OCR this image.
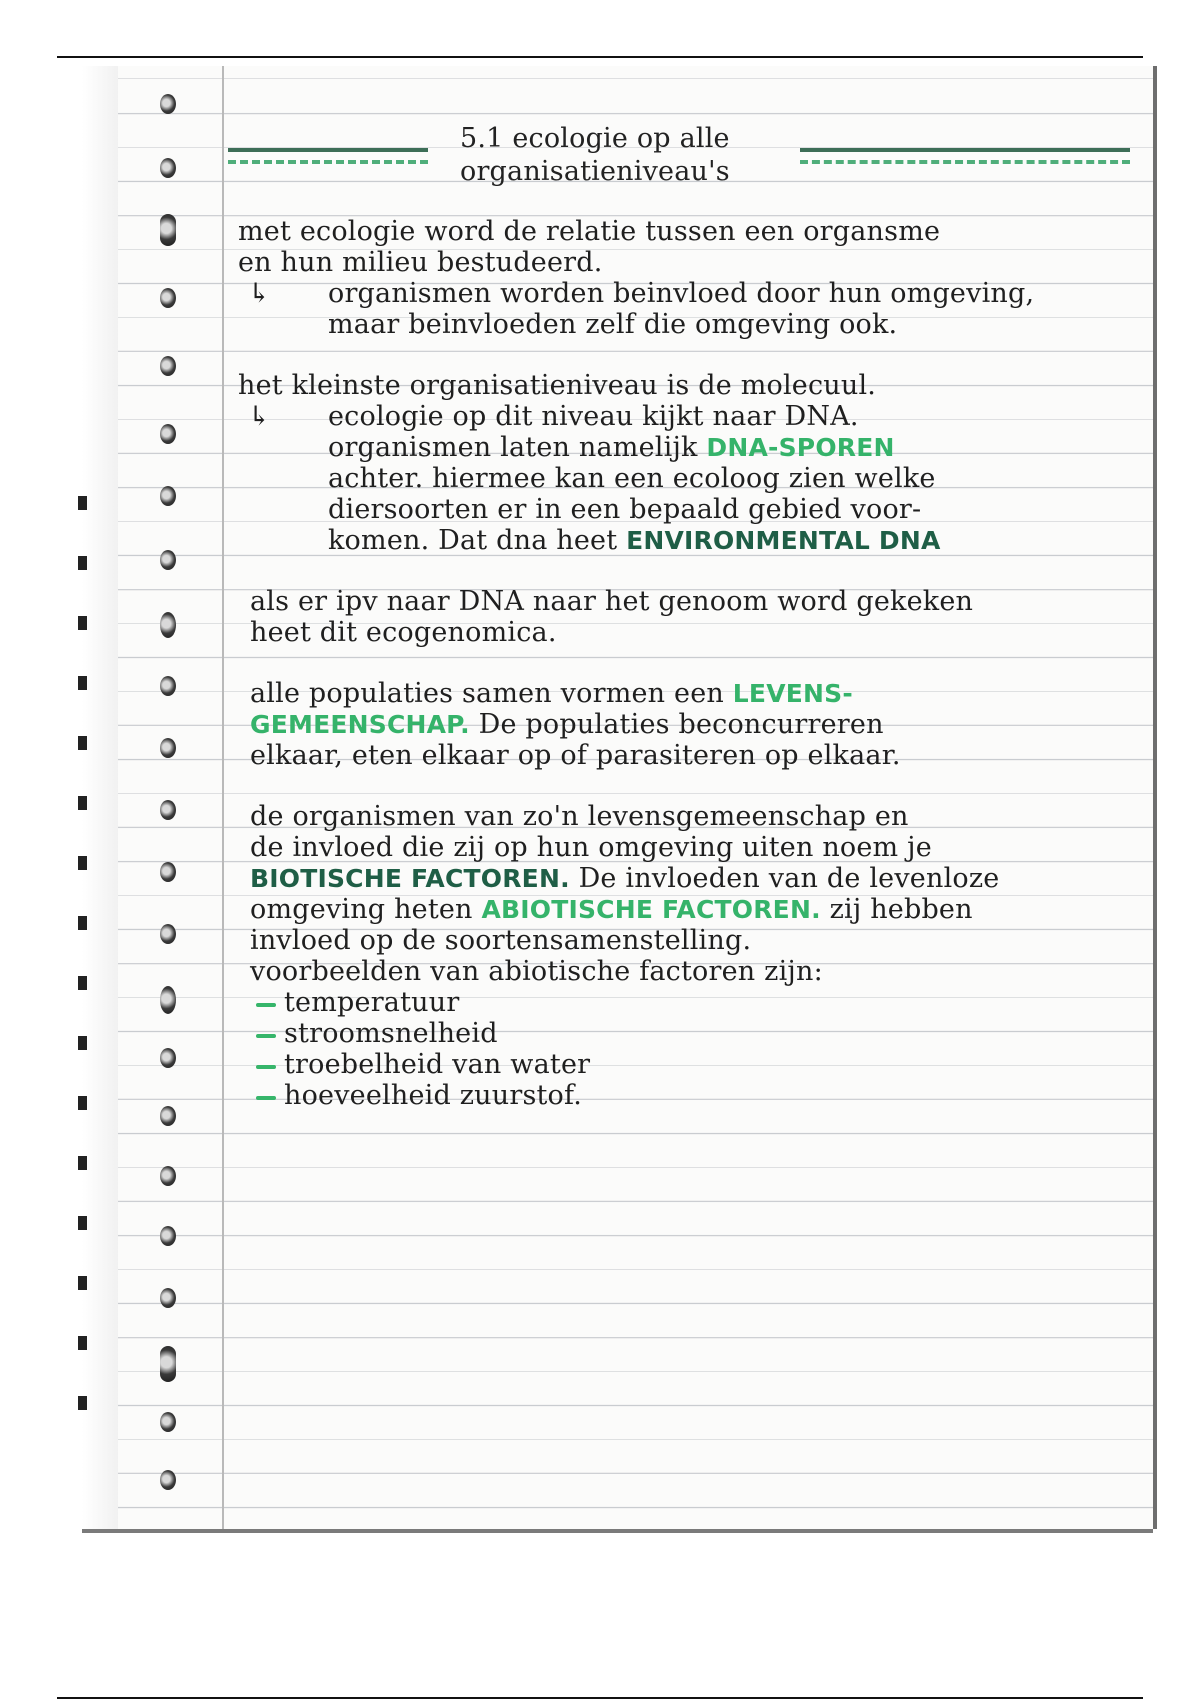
5.1 ecologie op alle
organisatieniveau's
met ecologie word de relatie tussen een organsme
en hun milieu bestudeerd.
↳ organismen worden beinvloed door hun omgeving,
maar beinvloeden zelf die omgeving ook.
het kleinste organisatieniveau is de molecuul.
↳ ecologie op dit niveau kijkt naar DNA.
organismen laten namelijk DNA-SPOREN
achter. hiermee kan een ecoloog zien welke
diersoorten er in een bepaald gebied voor-
komen. Dat dna heet ENVIRONMENTAL DNA
als er ipv naar DNA naar het genoom word gekeken
heet dit ecogenomica.
alle populaties samen vormen een LEVENS-
GEMEENSCHAP. De populaties beconcurreren
elkaar, eten elkaar op of parasiteren op elkaar.
de organismen van zo'n levensgemeenschap en
de invloed die zij op hun omgeving uiten noem je
BIOTISCHE FACTOREN. De invloeden van de levenloze
omgeving heten ABIOTISCHE FACTOREN. zij hebben
invloed op de soortensamenstelling.
voorbeelden van abiotische factoren zijn:
temperatuur
stroomsnelheid
troebelheid van water
hoeveelheid zuurstof.
